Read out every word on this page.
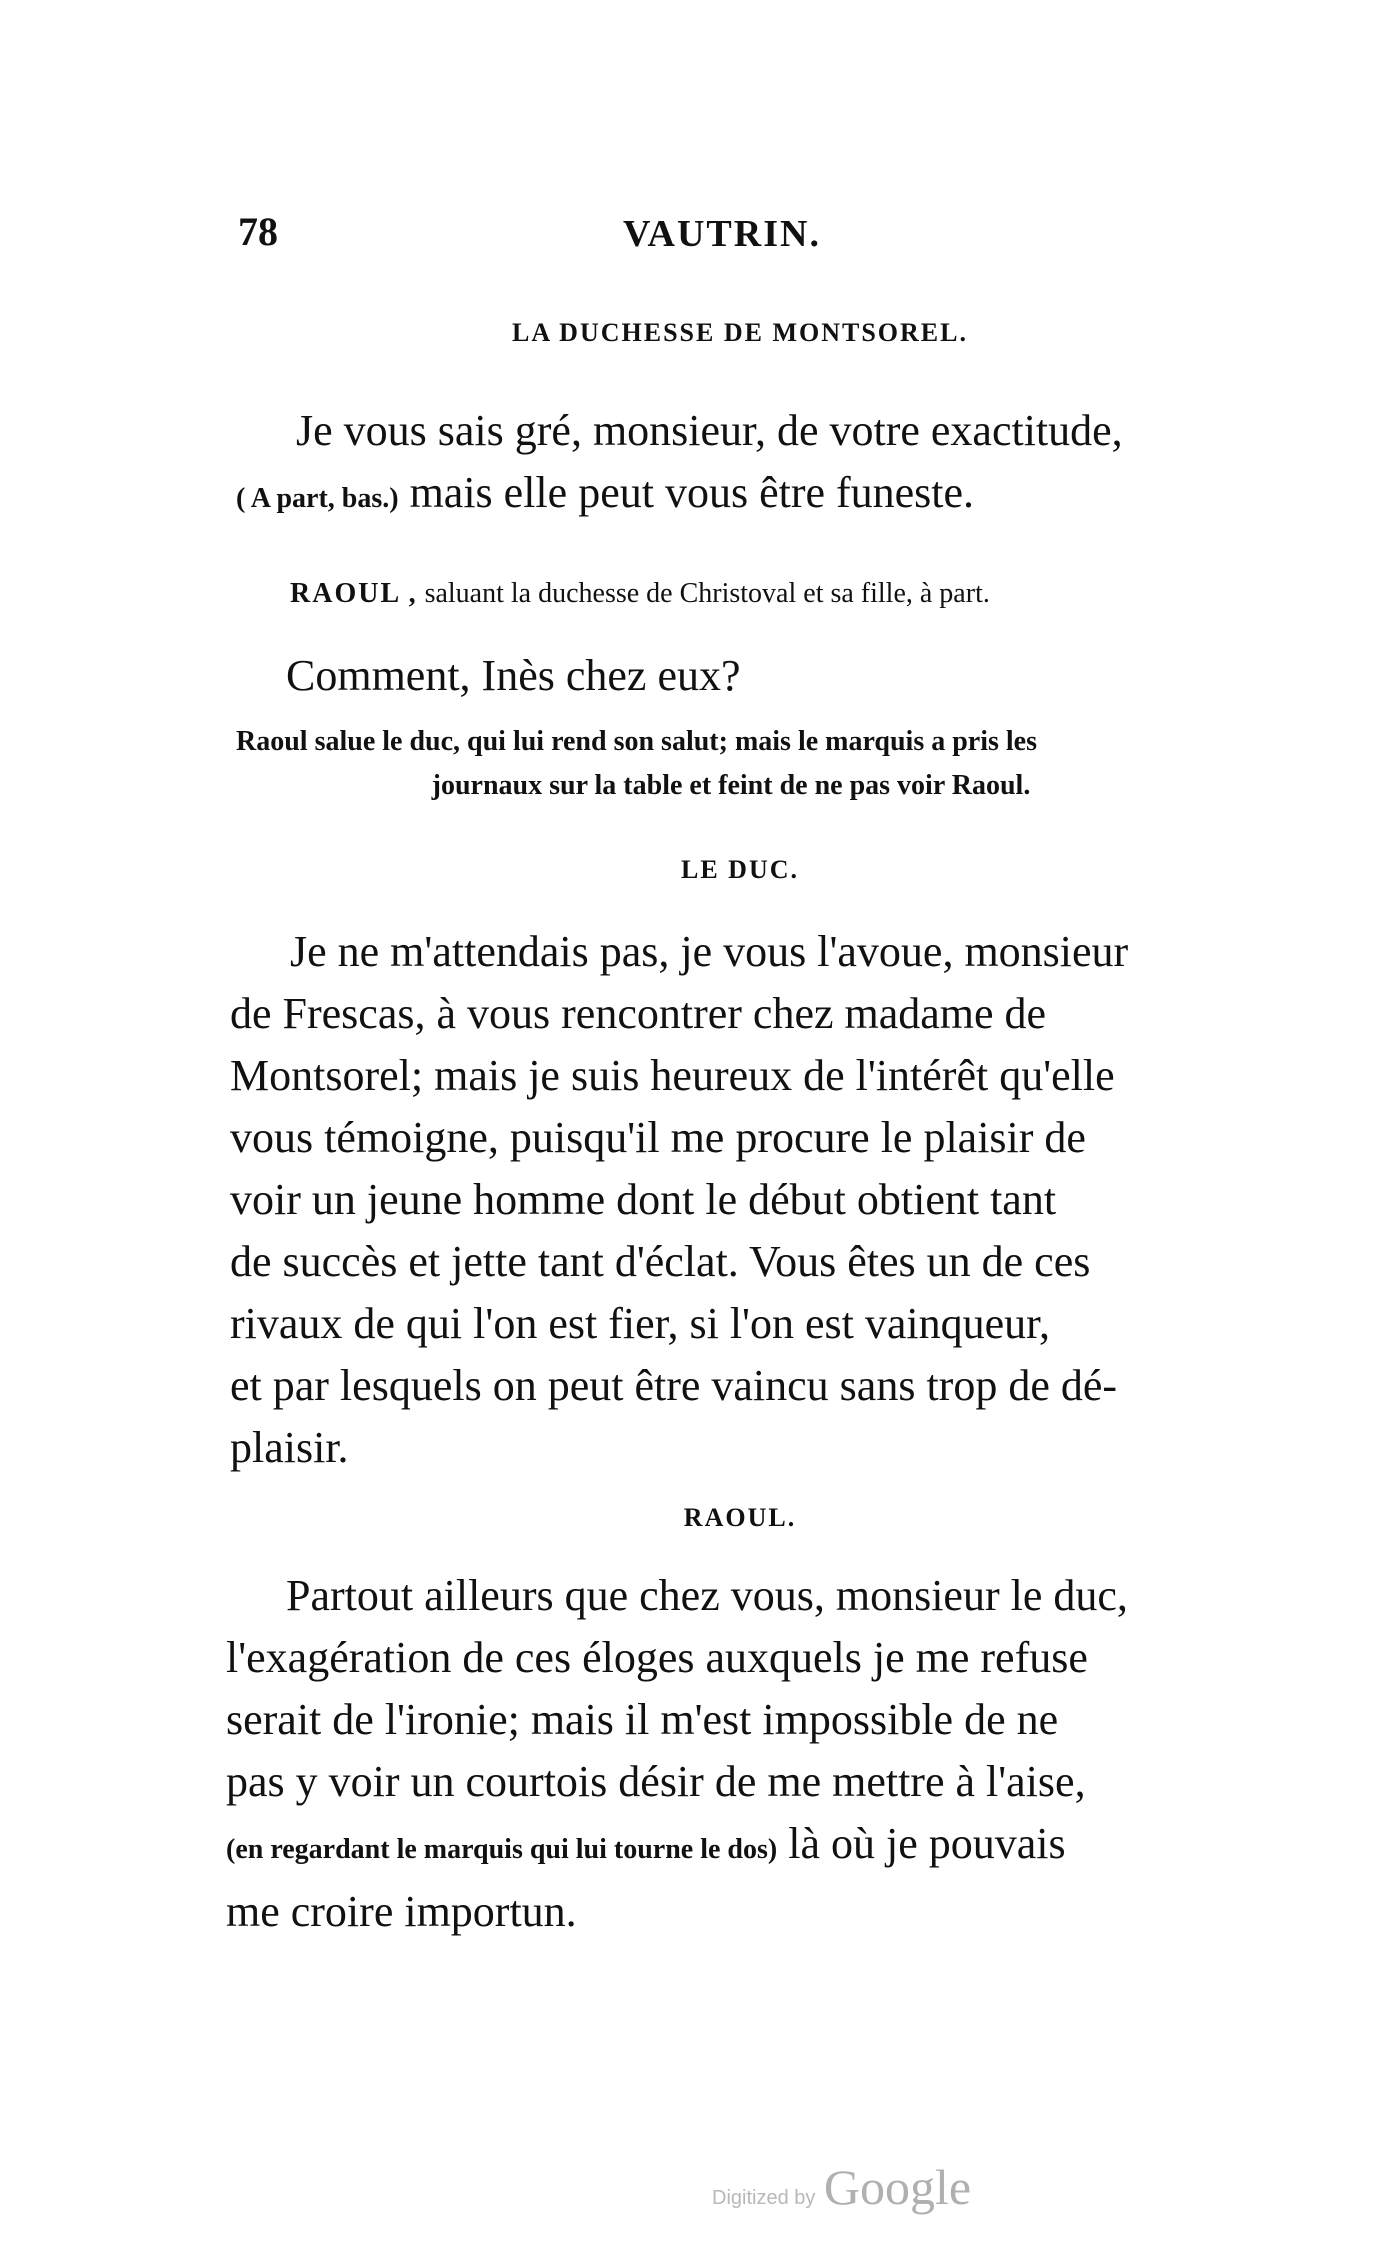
78	VAUTRIN.
LA DUCHESSE DE MONTSOREL.
Je vous sais gré, monsieur, de votre exactitude,
( A part, bas.) mais elle peut vous être funeste.
RAOUL , saluant la duchesse de Christoval et sa fille, à part.
Comment, Inès chez eux?
Raoul salue le duc, qui lui rend son salut; mais le marquis a pris les
journaux sur la table et feint de ne pas voir Raoul.
LE DUC.
Je ne m'attendais pas, je vous l'avoue, monsieur
de Frescas, à vous rencontrer chez madame de
Montsorel; mais je suis heureux de l'intérêt qu'elle
vous témoigne, puisqu'il me procure le plaisir de
voir un jeune homme dont le début obtient tant
de succès et jette tant d'éclat. Vous êtes un de ces
rivaux de qui l'on est fier, si l'on est vainqueur,
et par lesquels on peut être vaincu sans trop de dé-
plaisir.
RAOUL.
Partout ailleurs que chez vous, monsieur le duc,
l'exagération de ces éloges auxquels je me refuse
serait de l'ironie; mais il m'est impossible de ne
pas y voir un courtois désir de me mettre à l'aise,
(en regardant le marquis qui lui tourne le dos) là où je pouvais
me croire importun.
Digitized by Google
